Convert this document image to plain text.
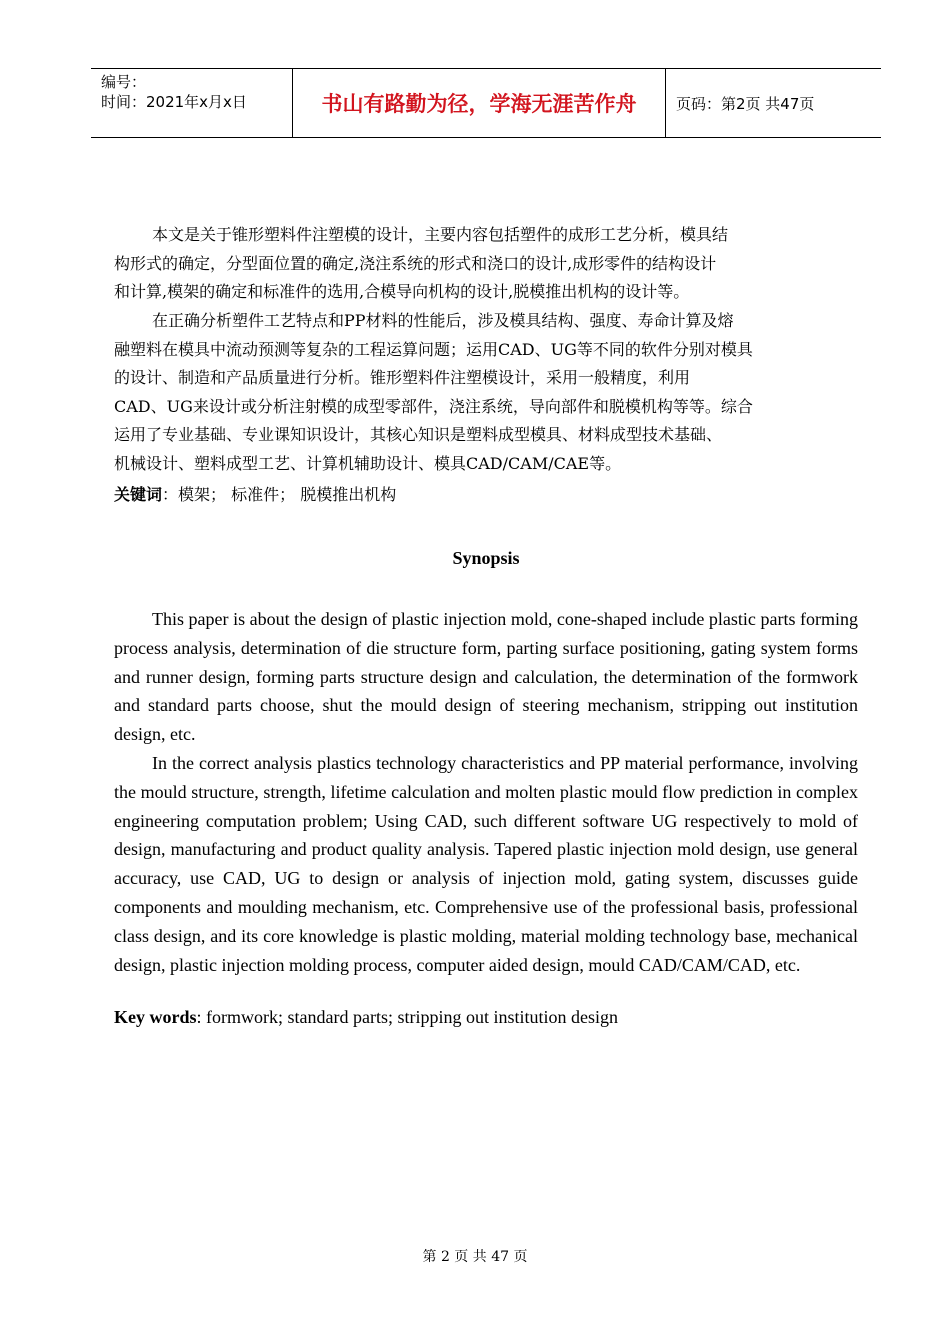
编号：
时间：2021年x月x日	书山有路勤为径，学海无涯苦作舟	页码：第2页 共47页
本文是关于锥形塑料件注塑模的设计，主要内容包括塑件的成形工艺分析，模具结
构形式的确定，分型面位置的确定,浇注系统的形式和浇口的设计,成形零件的结构设计
和计算,模架的确定和标准件的选用,合模导向机构的设计,脱模推出机构的设计等。
在正确分析塑件工艺特点和PP材料的性能后，涉及模具结构、强度、寿命计算及熔
融塑料在模具中流动预测等复杂的工程运算问题；运用CAD、UG等不同的软件分别对模具
的设计、制造和产品质量进行分析。锥形塑料件注塑模设计，采用一般精度，利用
CAD、UG来设计或分析注射模的成型零部件，浇注系统，导向部件和脱模机构等等。综合
运用了专业基础、专业课知识设计，其核心知识是塑料成型模具、材料成型技术基础、
机械设计、塑料成型工艺、计算机辅助设计、模具CAD/CAM/CAE等。
关键词：模架； 标准件； 脱模推出机构
Synopsis

This paper is about the design of plastic injection mold, cone-shaped include plastic parts forming process analysis, determination of die structure form, parting surface positioning, gating system forms and runner design, forming parts structure design and calculation, the determination of the formwork and standard parts choose, shut the mould design of steering mechanism, stripping out institution design, etc.

In the correct analysis plastics technology characteristics and PP material performance, involving the mould structure, strength, lifetime calculation and molten plastic mould flow prediction in complex engineering computation problem; Using CAD, such different software UG respectively to mold of design, manufacturing and product quality analysis. Tapered plastic injection mold design, use general accuracy, use CAD, UG to design or analysis of injection mold, gating system, discusses guide components and moulding mechanism, etc. Comprehensive use of the professional basis, professional class design, and its core knowledge is plastic molding, material molding technology base, mechanical design, plastic injection molding process, computer aided design, mould CAD/CAM/CAD, etc.

Key words: formwork; standard parts; stripping out institution design
第 2 页 共 47 页
